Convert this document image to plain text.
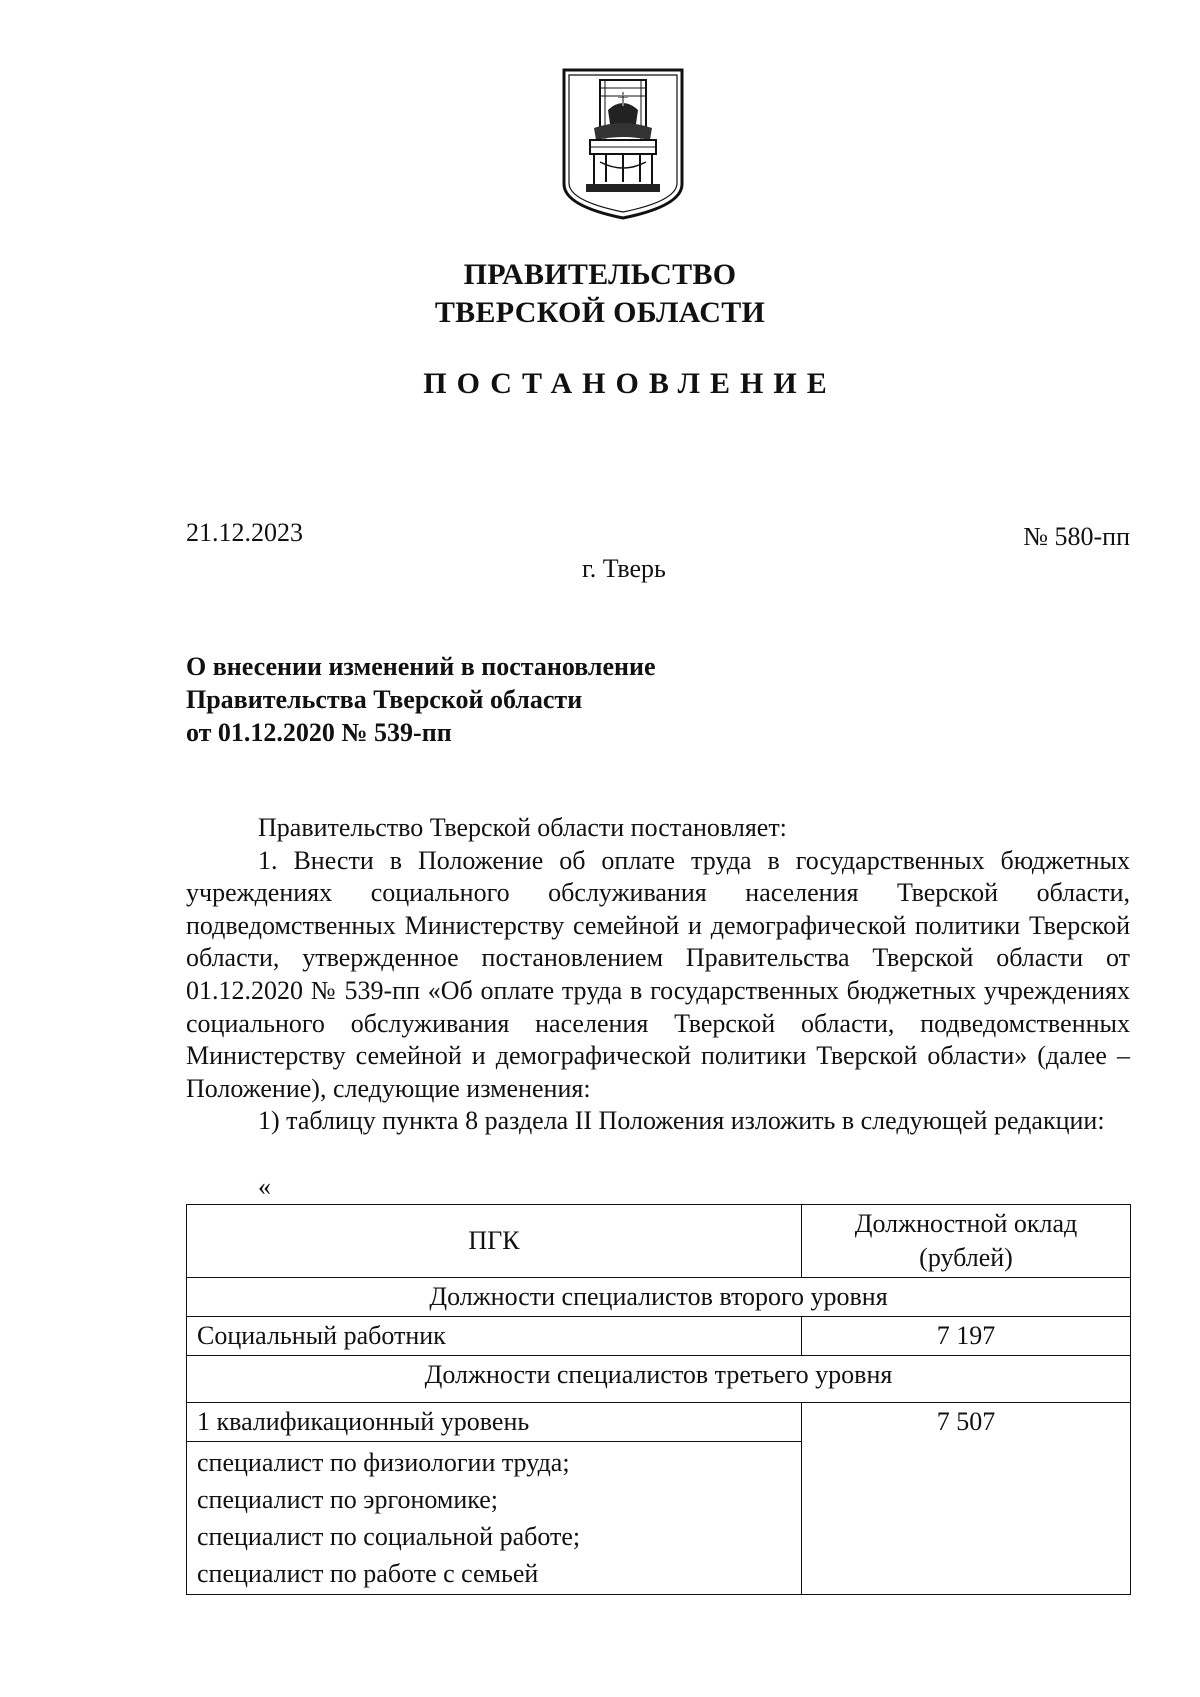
ПРАВИТЕЛЬСТВО
ТВЕРСКОЙ ОБЛАСТИ
ПОСТАНОВЛЕНИЕ
21.12.2023	№ 580-пп
г. Тверь
О внесении изменений в постановление
Правительства Тверской области
от 01.12.2020 № 539-пп

Правительство Тверской области постановляет:

1. Внести в Положение об оплате труда в государственных бюджетных учреждениях социального обслуживания населения Тверской области, подведомственных Министерству семейной и демографической политики Тверской области, утвержденное постановлением Правительства Тверской области от 01.12.2020 № 539-пп «Об оплате труда в государственных бюджетных учреждениях социального обслуживания населения Тверской области, подведомственных Министерству семейной и демографической политики Тверской области» (далее – Положение), следующие изменения:

1) таблицу пункта 8 раздела II Положения изложить в следующей редакции:

«
ПГК	Должностной оклад
(рублей)

Должности специалистов второго уровня	
Социальный работник	7 197
Должности специалистов третьего уровня	
1 квалификационный уровень	7 507

специалист по физиологии труда;
специалист по эргономике;
специалист по социальной работе;
специалист по работе с семьей	
